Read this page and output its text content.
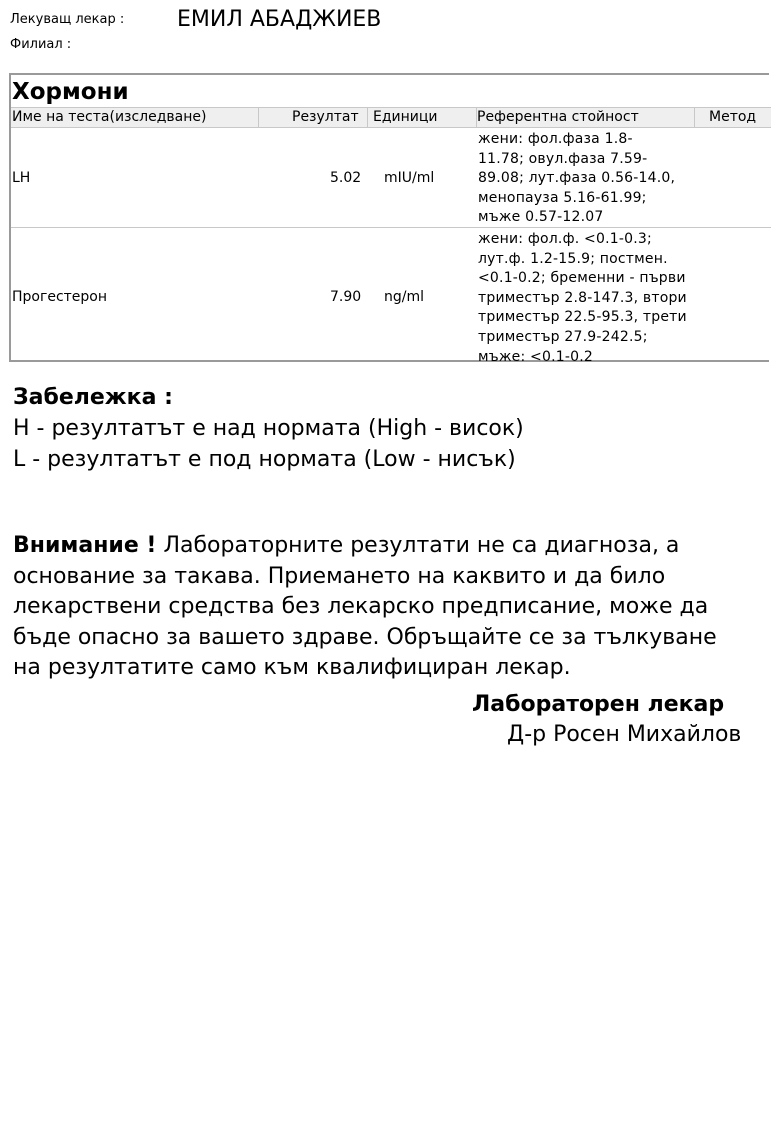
Лекуващ лекар : ЕМИЛ АБАДЖИЕВ
Филиал :
Хормони
Име на теста(изследване)	Резултат Единици	Референтна стойност	Метод
LH	5.02 mIU/ml
жени: фол.фаза 1.8-
11.78; овул.фаза 7.59-
89.08; лут.фаза 0.56-14.0,
менопауза 5.16-61.99;
мъже 0.57-12.07
Прогестерон	7.90 ng/ml
жени: фол.ф. <0.1-0.3;
лут.ф. 1.2-15.9; постмен.
<0.1-0.2; бременни - първи
триместър 2.8-147.3, втори
триместър 22.5-95.3, трети
триместър 27.9-242.5;
мъже: <0.1-0.2
Забележка :
H - резултатът е над нормата (High - висок)
L - резултатът е под нормата (Low - нисък)
Внимание ! Лабораторните резултати не са диагноза, а
основание за такава. Приемането на каквито и да било
лекарствени средства без лекарско предписание, може да
бъде опасно за вашето здраве. Обръщайте се за тълкуване
на резултатите само към квалифициран лекар.
Лабораторен лекар
Д-р Росен Михайлов
